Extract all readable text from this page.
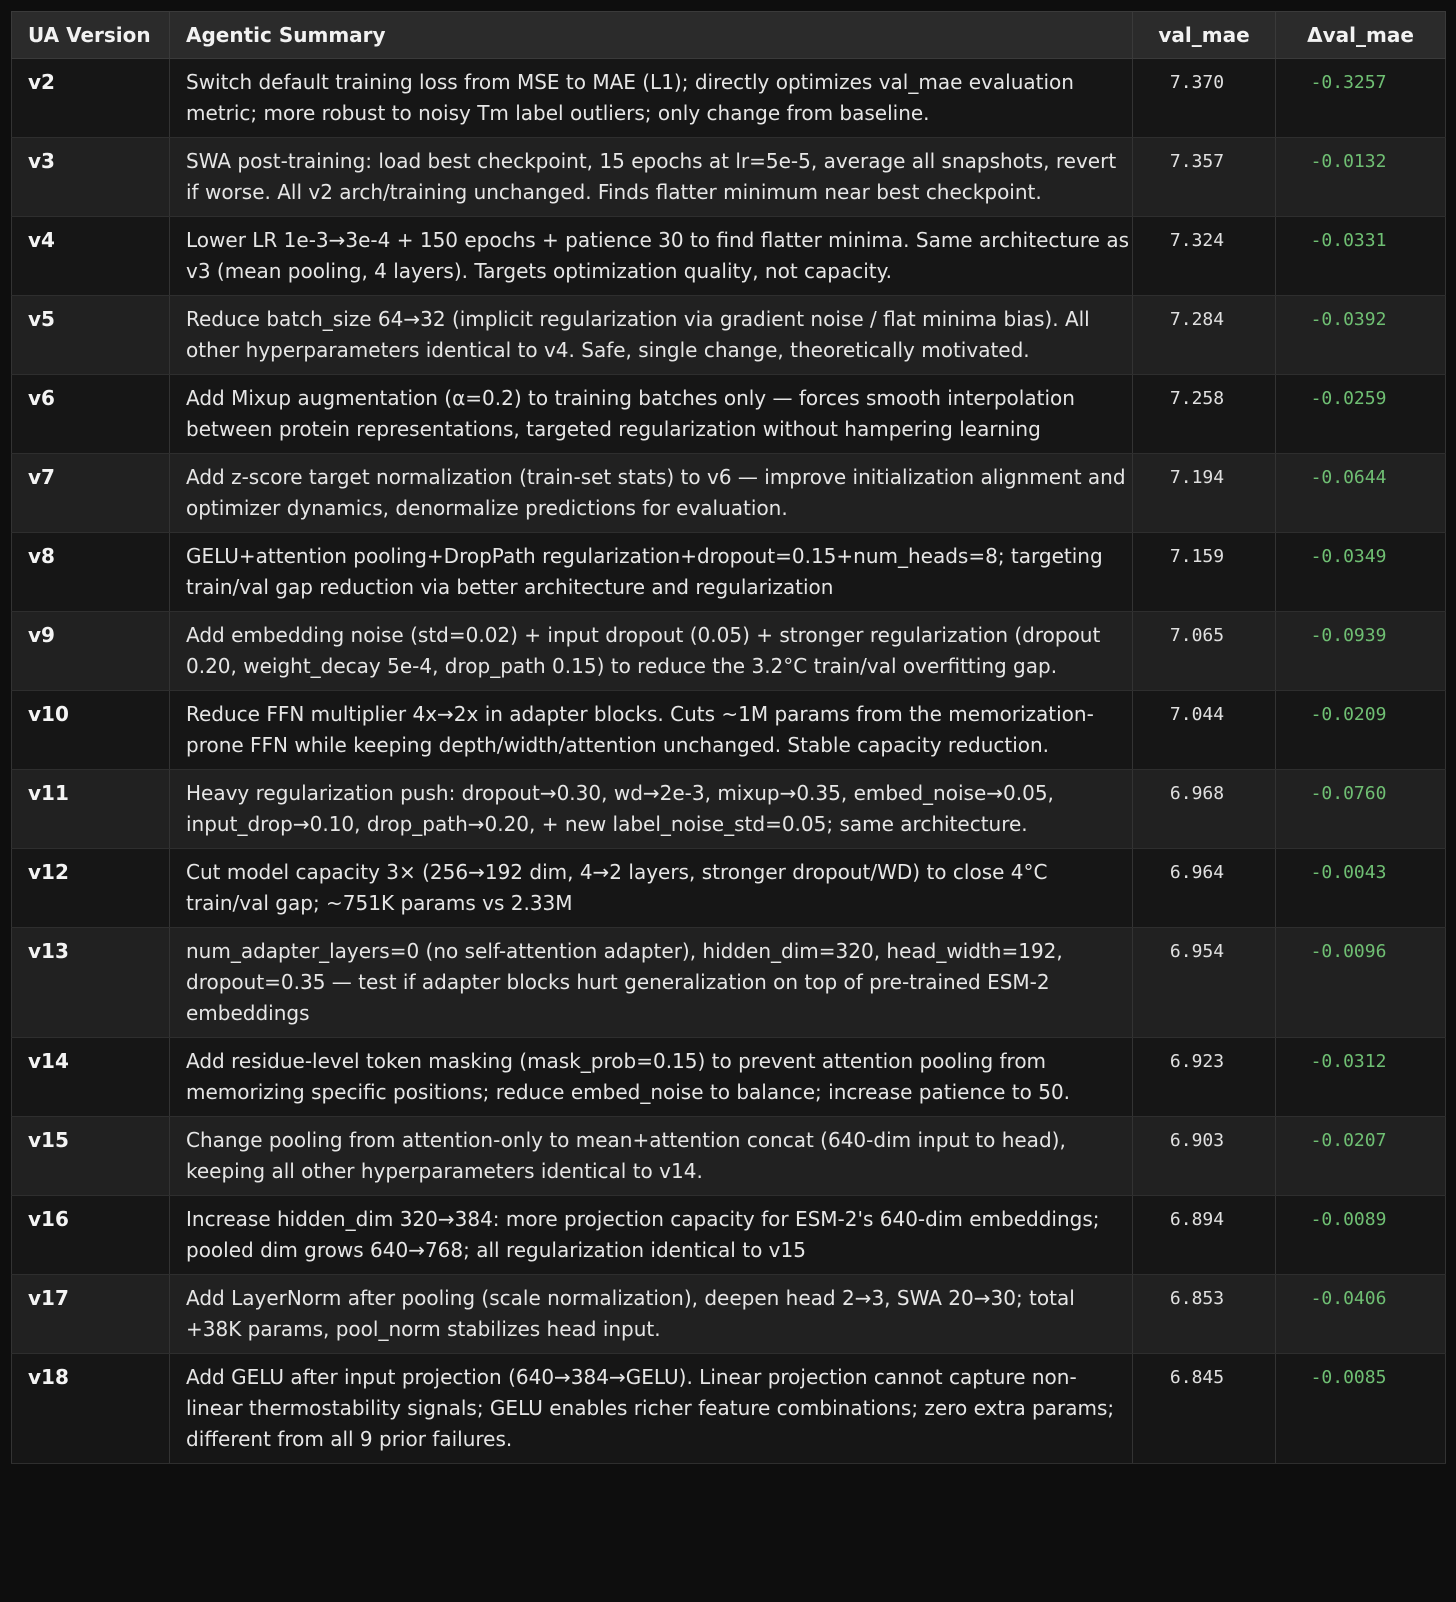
UA Version	Agentic Summary	val_mae	Δval_mae
v2	Switch default training loss from MSE to MAE (L1); directly optimizes val_mae evaluation metric; more robust to noisy Tm label outliers; only change from baseline.	7.370	-0.3257
v3	SWA post-training: load best checkpoint, 15 epochs at lr=5e-5, average all snapshots, revert if worse. All v2 arch/training unchanged. Finds flatter minimum near best checkpoint.	7.357	-0.0132
v4	Lower LR 1e-3→3e-4 + 150 epochs + patience 30 to find flatter minima. Same architecture as v3 (mean pooling, 4 layers). Targets optimization quality, not capacity.	7.324	-0.0331
v5	Reduce batch_size 64→32 (implicit regularization via gradient noise / flat minima bias). All other hyperparameters identical to v4. Safe, single change, theoretically motivated.	7.284	-0.0392
v6	Add Mixup augmentation (α=0.2) to training batches only — forces smooth interpolation between protein representations, targeted regularization without hampering learning	7.258	-0.0259
v7	Add z-score target normalization (train-set stats) to v6 — improve initialization alignment and optimizer dynamics, denormalize predictions for evaluation.	7.194	-0.0644
v8	GELU+attention pooling+DropPath regularization+dropout=0.15+num_heads=8; targeting train/val gap reduction via better architecture and regularization	7.159	-0.0349
v9	Add embedding noise (std=0.02) + input dropout (0.05) + stronger regularization (dropout 0.20, weight_decay 5e-4, drop_path 0.15) to reduce the 3.2°C train/val overfitting gap.	7.065	-0.0939
v10	Reduce FFN multiplier 4x→2x in adapter blocks. Cuts ~1M params from the memorization-prone FFN while keeping depth/width/attention unchanged. Stable capacity reduction.	7.044	-0.0209
v11	Heavy regularization push: dropout→0.30, wd→2e-3, mixup→0.35, embed_noise→0.05, input_drop→0.10, drop_path→0.20, + new label_noise_std=0.05; same architecture.	6.968	-0.0760
v12	Cut model capacity 3× (256→192 dim, 4→2 layers, stronger dropout/WD) to close 4°C train/val gap; ~751K params vs 2.33M	6.964	-0.0043
v13	num_adapter_layers=0 (no self-attention adapter), hidden_dim=320, head_width=192, dropout=0.35 — test if adapter blocks hurt generalization on top of pre-trained ESM-2 embeddings	6.954	-0.0096
v14	Add residue-level token masking (mask_prob=0.15) to prevent attention pooling from memorizing specific positions; reduce embed_noise to balance; increase patience to 50.	6.923	-0.0312
v15	Change pooling from attention-only to mean+attention concat (640-dim input to head), keeping all other hyperparameters identical to v14.	6.903	-0.0207
v16	Increase hidden_dim 320→384: more projection capacity for ESM-2's 640-dim embeddings; pooled dim grows 640→768; all regularization identical to v15	6.894	-0.0089
v17	Add LayerNorm after pooling (scale normalization), deepen head 2→3, SWA 20→30; total +38K params, pool_norm stabilizes head input.	6.853	-0.0406
v18	Add GELU after input projection (640→384→GELU). Linear projection cannot capture non-linear thermostability signals; GELU enables richer feature combinations; zero extra params; different from all 9 prior failures.	6.845	-0.0085
